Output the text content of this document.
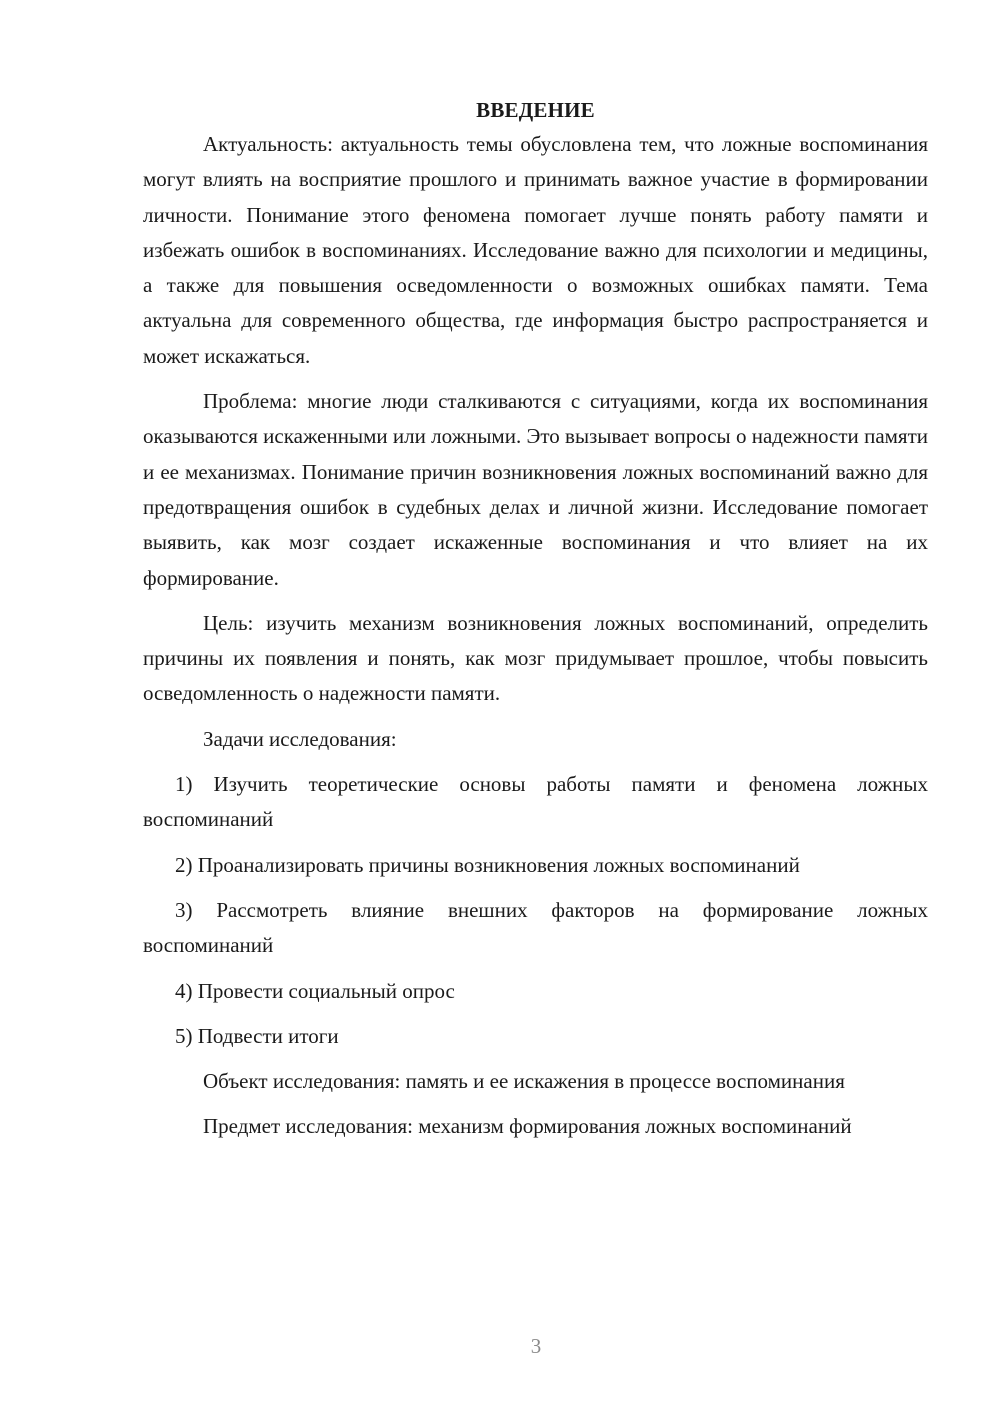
ВВЕДЕНИЕ

Актуальность: актуальность темы обусловлена тем, что ложные воспоминания могут влиять на восприятие прошлого и принимать важное участие в формировании личности. Понимание этого феномена помогает лучше понять работу памяти и избежать ошибок в воспоминаниях. Исследование важно для психологии и медицины, а также для повышения осведомленности о возможных ошибках памяти. Тема актуальна для современного общества, где информация быстро распространяется и может искажаться.

Проблема: многие люди сталкиваются с ситуациями, когда их воспоминания оказываются искаженными или ложными. Это вызывает вопросы о надежности памяти и ее механизмах. Понимание причин возникновения ложных воспоминаний важно для предотвращения ошибок в судебных делах и личной жизни. Исследование помогает выявить, как мозг создает искаженные воспоминания и что влияет на их формирование.

Цель: изучить механизм возникновения ложных воспоминаний, определить причины их появления и понять, как мозг придумывает прошлое, чтобы повысить осведомленность о надежности памяти.

Задачи исследования:

1) Изучить теоретические основы работы памяти и феномена ложных воспоминаний

2) Проанализировать причины возникновения ложных воспоминаний

3) Рассмотреть влияние внешних факторов на формирование ложных воспоминаний

4) Провести социальный опрос

5) Подвести итоги

Объект исследования: память и ее искажения в процессе воспоминания

Предмет исследования: механизм формирования ложных воспоминаний

3
